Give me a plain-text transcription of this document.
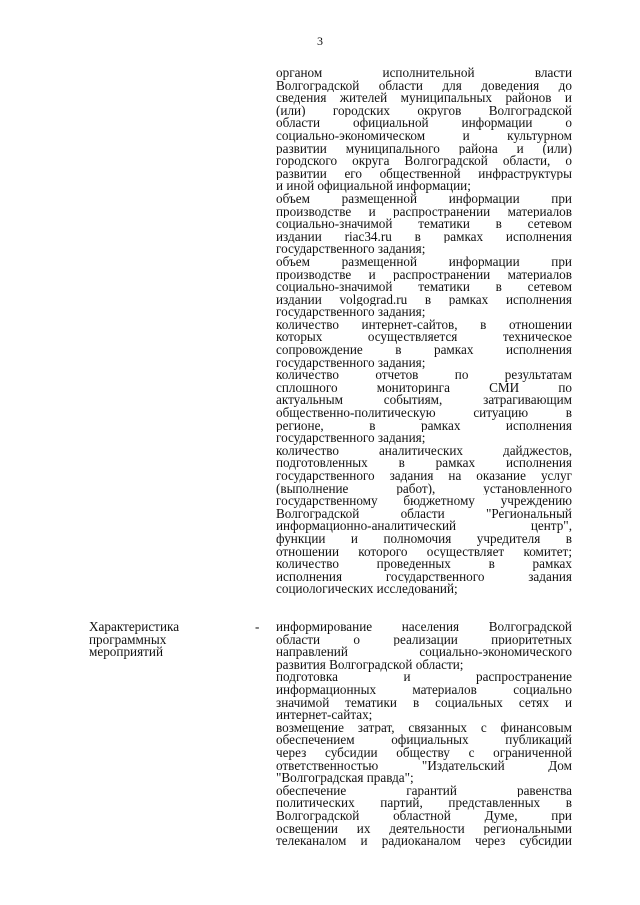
3
органом исполнительной власти
Волгоградской области для доведения до
сведения жителей муниципальных районов и
(или) городских округов Волгоградской
области официальной информации о
социально-экономическом и культурном
развитии муниципального района и (или)
городского округа Волгоградской области, о
развитии его общественной инфраструктуры
и иной официальной информации;
объем размещенной информации при
производстве и распространении материалов
социально-значимой тематики в сетевом
издании riac34.ru в рамках исполнения
государственного задания;
объем размещенной информации при
производстве и распространении материалов
социально-значимой тематики в сетевом
издании volgograd.ru в рамках исполнения
государственного задания;
количество интернет-сайтов, в отношении
которых осуществляется техническое
сопровождение в рамках исполнения
государственного задания;
количество отчетов по результатам
сплошного мониторинга СМИ по
актуальным событиям, затрагивающим
общественно-политическую ситуацию в
регионе, в рамках исполнения
государственного задания;
количество аналитических дайджестов,
подготовленных в рамках исполнения
государственного задания на оказание услуг
(выполнение работ), установленного
государственному бюджетному учреждению
Волгоградской области "Региональный
информационно-аналитический центр",
функции и полномочия учредителя в
отношении которого осуществляет комитет;
количество проведенных в рамках
исполнения государственного задания
социологических исследований;
Характеристика
программных
мероприятий
- информирование населения Волгоградской
области о реализации приоритетных
направлений социально-экономического
развития Волгоградской области;
подготовка и распространение
информационных материалов социально
значимой тематики в социальных сетях и
интернет-сайтах;
возмещение затрат, связанных с финансовым
обеспечением официальных публикаций
через субсидии обществу с ограниченной
ответственностью "Издательский Дом
"Волгоградская правда";
обеспечение гарантий равенства
политических партий, представленных в
Волгоградской областной Думе, при
освещении их деятельности региональными
телеканалом и радиоканалом через субсидии
